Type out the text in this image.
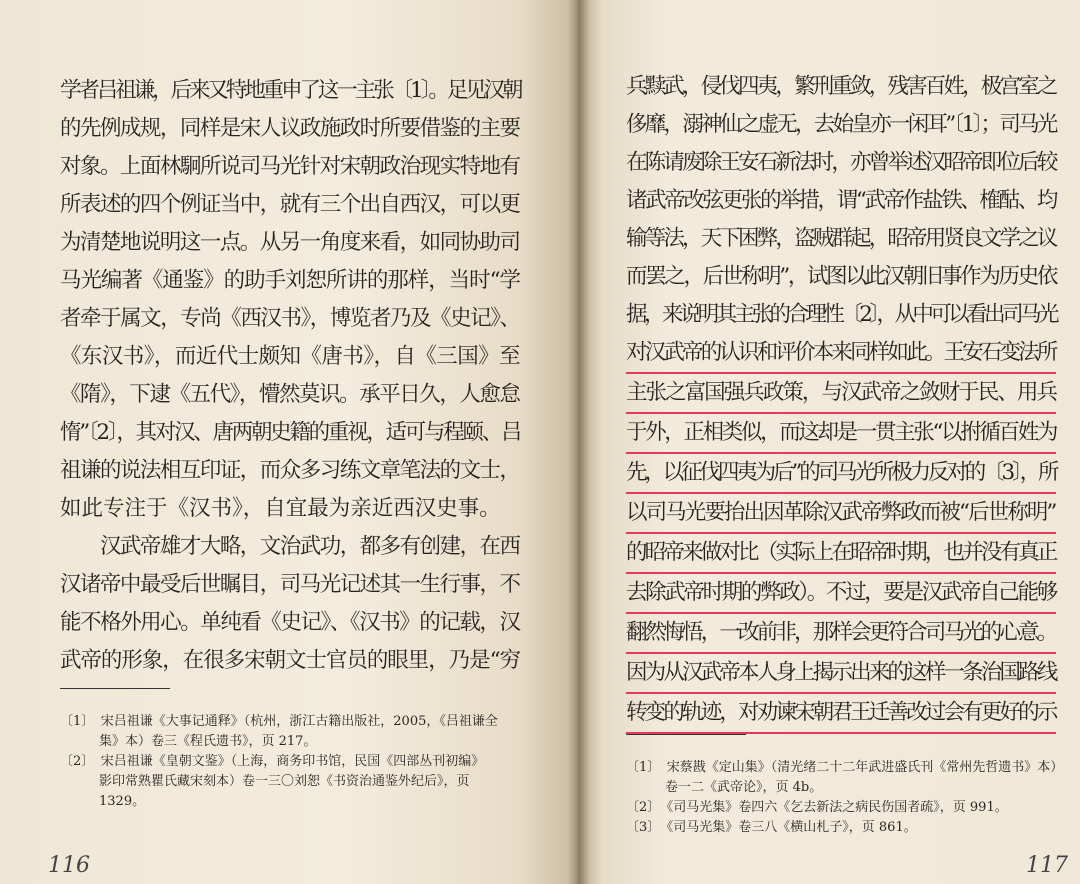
学者吕祖谦，后来又特地重申了这一主张〔1〕。足见汉朝
的先例成规，同样是宋人议政施政时所要借鉴的主要
对象。上面林駉所说司马光针对宋朝政治现实特地有
所表述的四个例证当中，就有三个出自西汉，可以更
为清楚地说明这一点。从另一角度来看，如同协助司
马光编著《通鉴》的助手刘恕所讲的那样，当时“学
者牵于属文，专尚《西汉书》，博览者乃及《史记》、
《东汉书》，而近代士颇知《唐书》，自《三国》至
《隋》，下逮《五代》，懵然莫识。承平日久，人愈怠
惰”〔2〕，其对汉、唐两朝史籍的重视，适可与程颐、吕
祖谦的说法相互印证，而众多习练文章笔法的文士，
如此专注于《汉书》，自宜最为亲近西汉史事。
　　汉武帝雄才大略，文治武功，都多有创建，在西
汉诸帝中最受后世瞩目，司马光记述其一生行事，不
能不格外用心。单纯看《史记》、《汉书》的记载，汉
武帝的形象，在很多宋朝文士官员的眼里，乃是“穷
〔1〕　宋吕祖谦《大事记通释》（杭州，浙江古籍出版社，2005，《吕祖谦全
　　　集》本）卷三《程氏遗书》，页 217。
〔2〕　宋吕祖谦《皇朝文鉴》（上海，商务印书馆，民国《四部丛刊初编》
　　　影印常熟瞿氏藏宋刻本）卷一三〇刘恕《书资治通鉴外纪后》，页
　　　1329。
116
兵黩武，侵伐四夷，繁刑重敛，残害百姓，极宫室之
侈靡，溺神仙之虚无，去始皇亦一闲耳”〔1〕；司马光
在陈请废除王安石新法时，亦曾举述汉昭帝即位后较
诸武帝改弦更张的举措，谓“武帝作盐铁、榷酤、均
输等法，天下困弊，盗贼群起，昭帝用贤良文学之议
而罢之，后世称明”，试图以此汉朝旧事作为历史依
据，来说明其主张的合理性〔2〕，从中可以看出司马光
对汉武帝的认识和评价本来同样如此。王安石变法所
主张之富国强兵政策，与汉武帝之敛财于民、用兵
于外，正相类似，而这却是一贯主张“以拊循百姓为
先，以征伐四夷为后”的司马光所极力反对的〔3〕，所
以司马光要抬出因革除汉武帝弊政而被“后世称明”
的昭帝来做对比（实际上在昭帝时期，也并没有真正
去除武帝时期的弊政）。不过，要是汉武帝自己能够
翻然悔悟，一改前非，那样会更符合司马光的心意。
因为从汉武帝本人身上揭示出来的这样一条治国路线
转变的轨迹，对劝谏宋朝君王迁善改过会有更好的示
〔1〕　宋蔡戡《定山集》（清光绪二十二年武进盛氏刊《常州先哲遗书》本）
　　　卷一二《武帝论》，页 4b。
〔2〕　《司马光集》卷四六《乞去新法之病民伤国者疏》，页 991。
〔3〕　《司马光集》卷三八《横山札子》，页 861。
117
